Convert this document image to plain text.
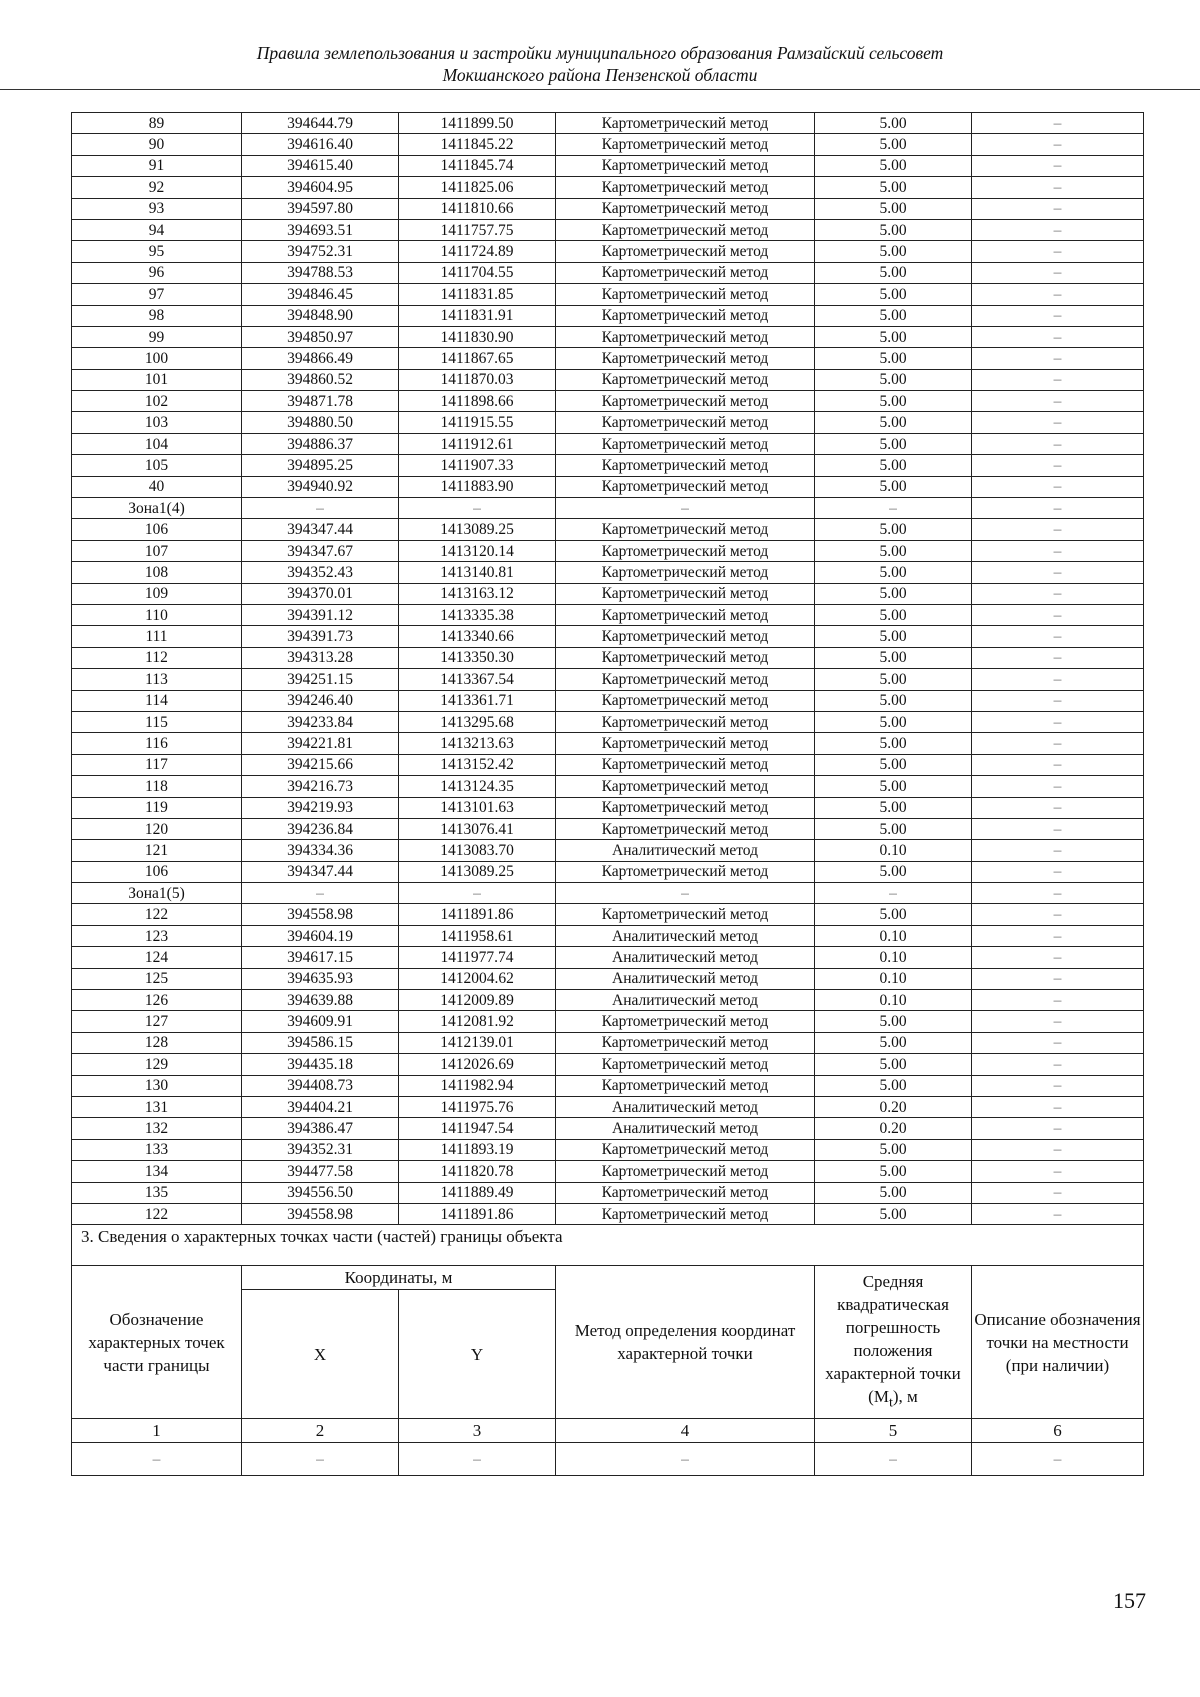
Правила землепользования и застройки муниципального образования Рамзайский сельсовет
Мокшанского района Пензенской области
89	394644.79	1411899.50	Картометрический метод	5.00	–
90	394616.40	1411845.22	Картометрический метод	5.00	–
91	394615.40	1411845.74	Картометрический метод	5.00	–
92	394604.95	1411825.06	Картометрический метод	5.00	–
93	394597.80	1411810.66	Картометрический метод	5.00	–
94	394693.51	1411757.75	Картометрический метод	5.00	–
95	394752.31	1411724.89	Картометрический метод	5.00	–
96	394788.53	1411704.55	Картометрический метод	5.00	–
97	394846.45	1411831.85	Картометрический метод	5.00	–
98	394848.90	1411831.91	Картометрический метод	5.00	–
99	394850.97	1411830.90	Картометрический метод	5.00	–
100	394866.49	1411867.65	Картометрический метод	5.00	–
101	394860.52	1411870.03	Картометрический метод	5.00	–
102	394871.78	1411898.66	Картометрический метод	5.00	–
103	394880.50	1411915.55	Картометрический метод	5.00	–
104	394886.37	1411912.61	Картометрический метод	5.00	–
105	394895.25	1411907.33	Картометрический метод	5.00	–
40	394940.92	1411883.90	Картометрический метод	5.00	–
Зона1(4)	–	–	–	–	–
106	394347.44	1413089.25	Картометрический метод	5.00	–
107	394347.67	1413120.14	Картометрический метод	5.00	–
108	394352.43	1413140.81	Картометрический метод	5.00	–
109	394370.01	1413163.12	Картометрический метод	5.00	–
110	394391.12	1413335.38	Картометрический метод	5.00	–
111	394391.73	1413340.66	Картометрический метод	5.00	–
112	394313.28	1413350.30	Картометрический метод	5.00	–
113	394251.15	1413367.54	Картометрический метод	5.00	–
114	394246.40	1413361.71	Картометрический метод	5.00	–
115	394233.84	1413295.68	Картометрический метод	5.00	–
116	394221.81	1413213.63	Картометрический метод	5.00	–
117	394215.66	1413152.42	Картометрический метод	5.00	–
118	394216.73	1413124.35	Картометрический метод	5.00	–
119	394219.93	1413101.63	Картометрический метод	5.00	–
120	394236.84	1413076.41	Картометрический метод	5.00	–
121	394334.36	1413083.70	Аналитический метод	0.10	–
106	394347.44	1413089.25	Картометрический метод	5.00	–
Зона1(5)	–	–	–	–	–
122	394558.98	1411891.86	Картометрический метод	5.00	–
123	394604.19	1411958.61	Аналитический метод	0.10	–
124	394617.15	1411977.74	Аналитический метод	0.10	–
125	394635.93	1412004.62	Аналитический метод	0.10	–
126	394639.88	1412009.89	Аналитический метод	0.10	–
127	394609.91	1412081.92	Картометрический метод	5.00	–
128	394586.15	1412139.01	Картометрический метод	5.00	–
129	394435.18	1412026.69	Картометрический метод	5.00	–
130	394408.73	1411982.94	Картометрический метод	5.00	–
131	394404.21	1411975.76	Аналитический метод	0.20	–
132	394386.47	1411947.54	Аналитический метод	0.20	–
133	394352.31	1411893.19	Картометрический метод	5.00	–
134	394477.58	1411820.78	Картометрический метод	5.00	–
135	394556.50	1411889.49	Картометрический метод	5.00	–
122	394558.98	1411891.86	Картометрический метод	5.00	–
3. Сведения о характерных точках части (частей) границы объекта					
Обозначение характерных точек части границы	Координаты, м		Метод определения координат характерной точки	Средняя квадратическая погрешность положения характерной точки $(M_t)$, м	Описание обозначения точки на местности (при наличии)
	X	Y			
1	2	3	4	5	6
–	–	–	–	–	–
157
